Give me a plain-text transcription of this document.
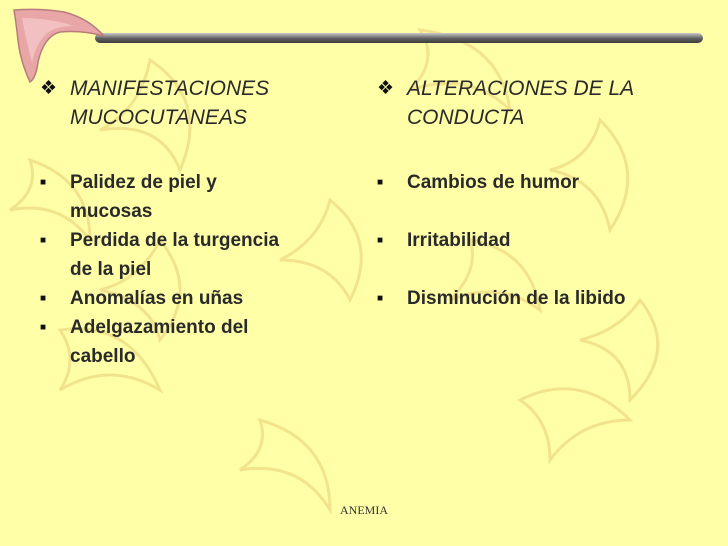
❖ MANIFESTACIONES
MUCOCUTANEAS
■	Palidez de piel y
mucosas
■	Perdida de la turgencia
de la piel
■	Anomalías en uñas
■	Adelgazamiento del
cabello
❖ ALTERACIONES DE LA
CONDUCTA
■	Cambios de humor
■	Irritabilidad
■	Disminución de la libido
ANEMIA
